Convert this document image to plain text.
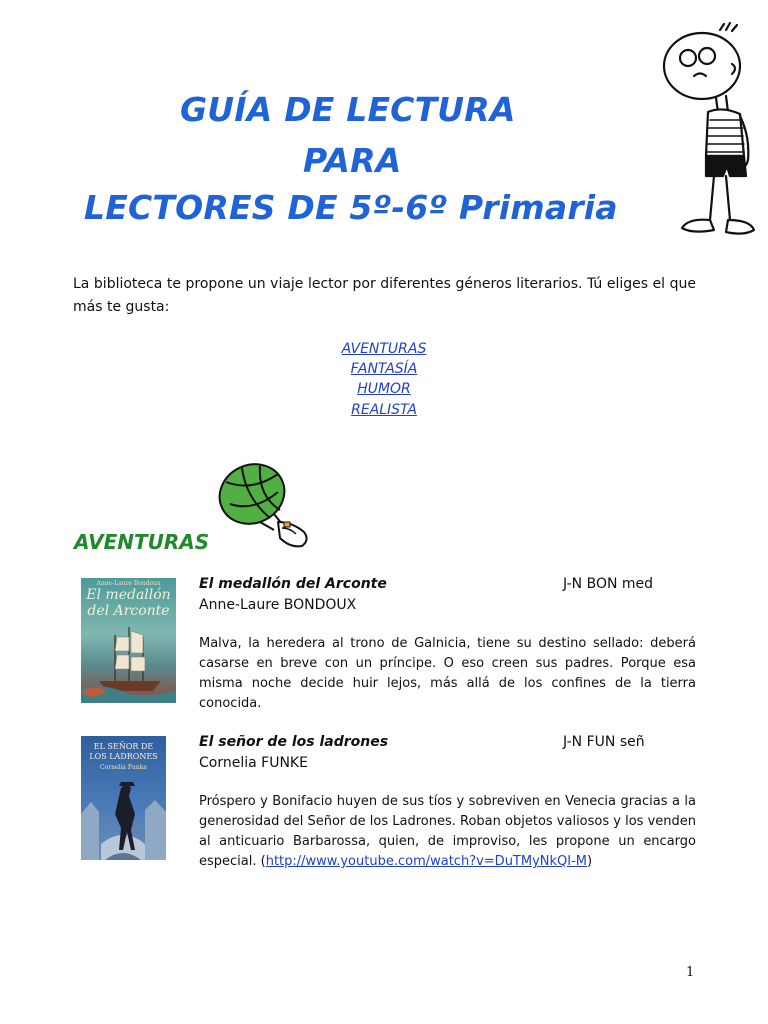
GUÍA DE LECTURA
PARA
LECTORES DE 5º-6º Primaria
La biblioteca te propone un viaje lector por diferentes géneros literarios. Tú eliges el que más te gusta:
AVENTURAS
FANTASÍA
HUMOR
REALISTA
AVENTURAS
Anne-Laure Bondoux
El medallón
del Arconte
El medallón del Arconte	J-N BON med
Anne-Laure BONDOUX
Malva, la heredera al trono de Galnicia, tiene su destino sellado: deberá casarse en breve con un príncipe. O eso creen sus padres. Porque esa misma noche decide huir lejos, más allá de los confines de la tierra conocida.
EL SEÑOR DE
LOS LADRONES
Cornelia Funke
El señor de los ladrones	J-N FUN señ
Cornelia FUNKE
Próspero y Bonifacio huyen de sus tíos y sobreviven en Venecia gracias a la generosidad del Señor de los Ladrones. Roban objetos valiosos y los venden al anticuario Barbarossa, quien, de improviso, les propone un encargo especial. (http://www.youtube.com/watch?v=DuTMyNkQI-M)
1
